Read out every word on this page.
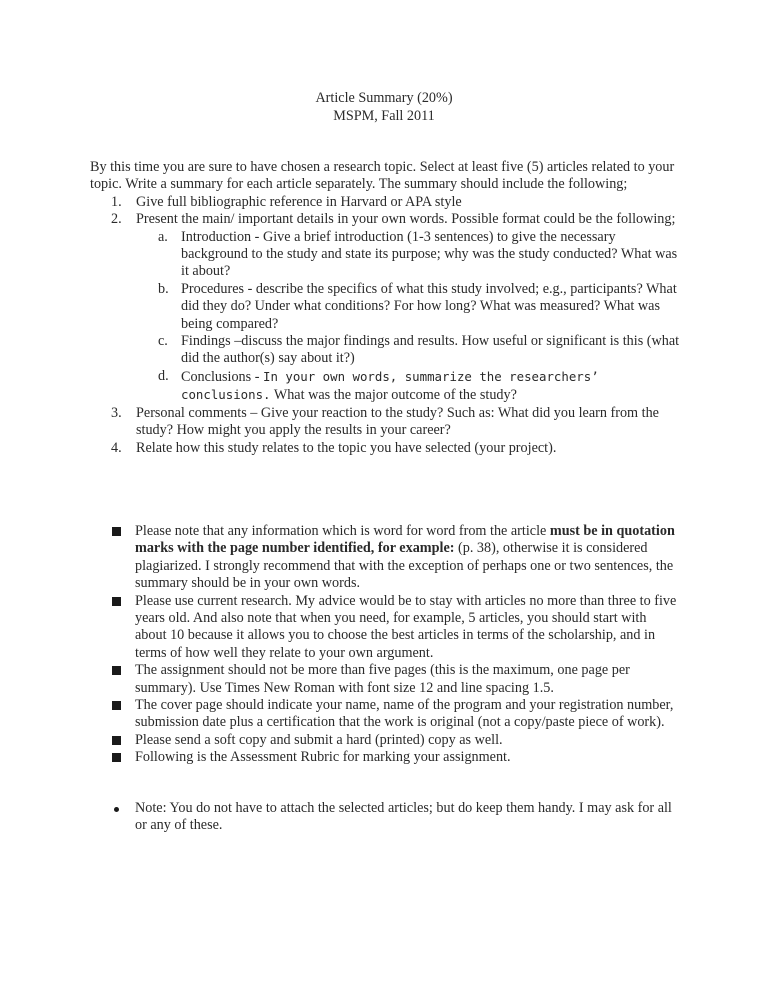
Article Summary (20%)
MSPM, Fall 2011
By this time you are sure to have chosen a research topic. Select at least five (5) articles related to your topic. Write a summary for each article separately. The summary should include the following;
1. Give full bibliographic reference in Harvard or APA style
2. Present the main/ important details in your own words. Possible format could be the following;
a. Introduction - Give a brief introduction (1-3 sentences) to give the necessary background to the study and state its purpose; why was the study conducted? What was it about?
b. Procedures - describe the specifics of what this study involved; e.g., participants? What did they do? Under what conditions? For how long? What was measured? What was being compared?
c. Findings –discuss the major findings and results. How useful or significant is this (what did the author(s) say about it?)
d. Conclusions - In your own words, summarize the researchers’ conclusions. What was the major outcome of the study?
3. Personal comments – Give your reaction to the study? Such as: What did you learn from the study? How might you apply the results in your career?
4. Relate how this study relates to the topic you have selected (your project).
Please note that any information which is word for word from the article must be in quotation marks with the page number identified, for example: (p. 38), otherwise it is considered plagiarized. I strongly recommend that with the exception of perhaps one or two sentences, the summary should be in your own words.
Please use current research. My advice would be to stay with articles no more than three to five years old. And also note that when you need, for example, 5 articles, you should start with about 10 because it allows you to choose the best articles in terms of the scholarship, and in terms of how well they relate to your own argument.
The assignment should not be more than five pages (this is the maximum, one page per summary). Use Times New Roman with font size 12 and line spacing 1.5.
The cover page should indicate your name, name of the program and your registration number, submission date plus a certification that the work is original (not a copy/paste piece of work).
Please send a soft copy and submit a hard (printed) copy as well.
Following is the Assessment Rubric for marking your assignment.
Note: You do not have to attach the selected articles; but do keep them handy. I may ask for all or any of these.
